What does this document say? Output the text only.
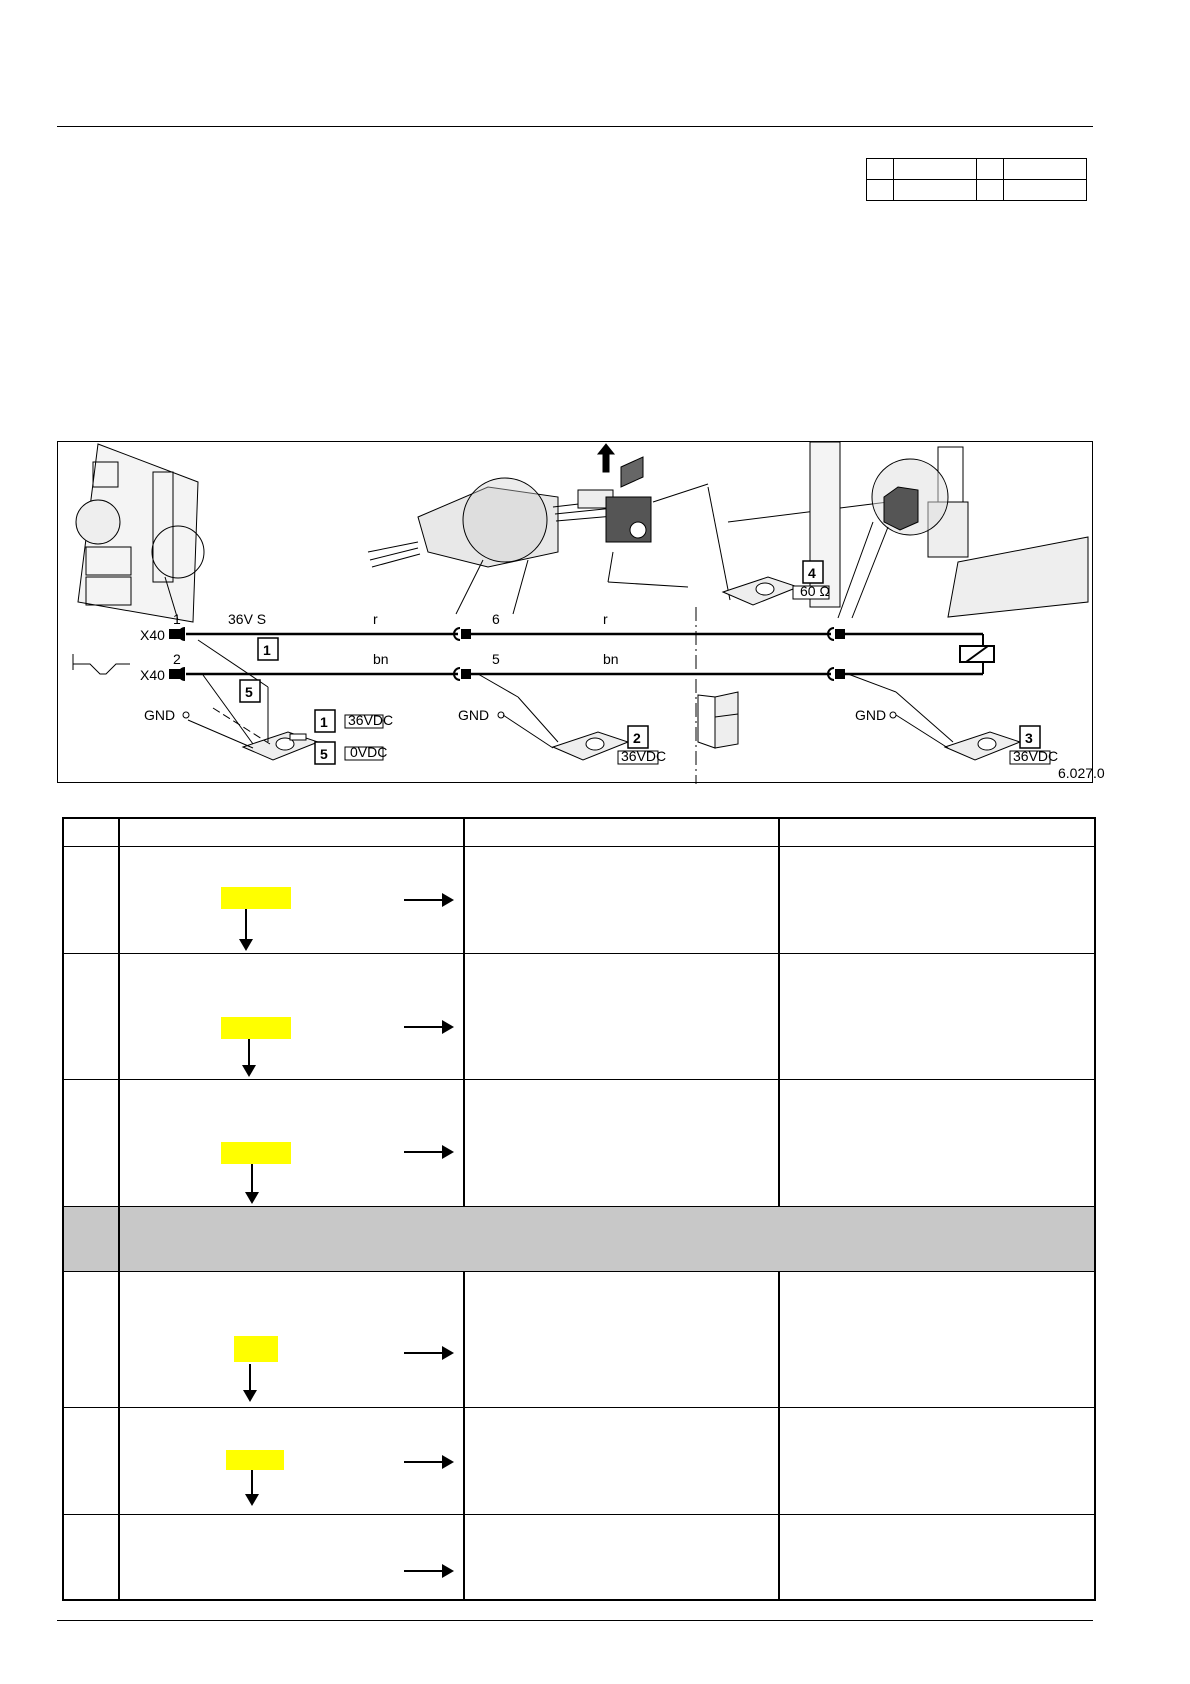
X40
X40
1
2
36V S
GND
r	r
bn	bn
6
5
GND	GND
1
5
1
5
2	3
4
36VDC
0VDC	36VDC	36VDC
60 Ω
6.027.0
